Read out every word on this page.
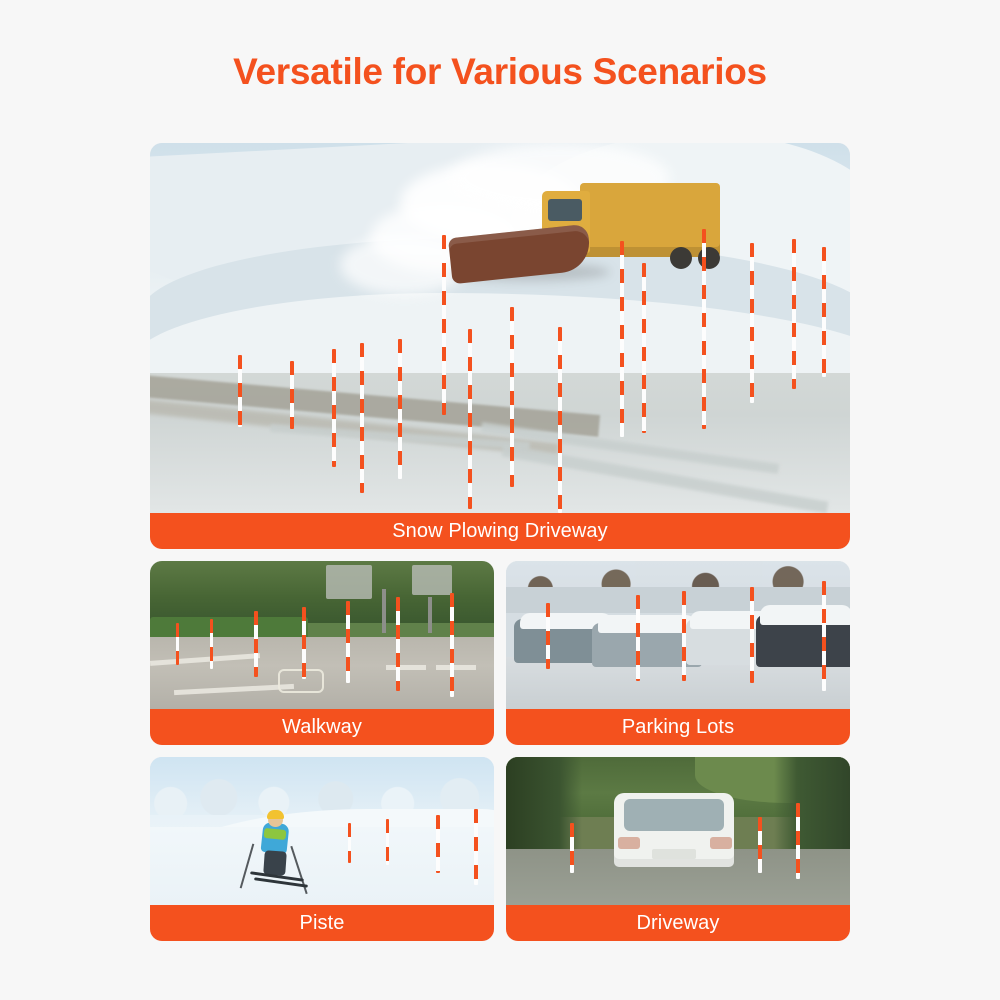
Versatile for Various Scenarios
Snow Plowing Driveway
Walkway	Parking Lots
Piste	Driveway
